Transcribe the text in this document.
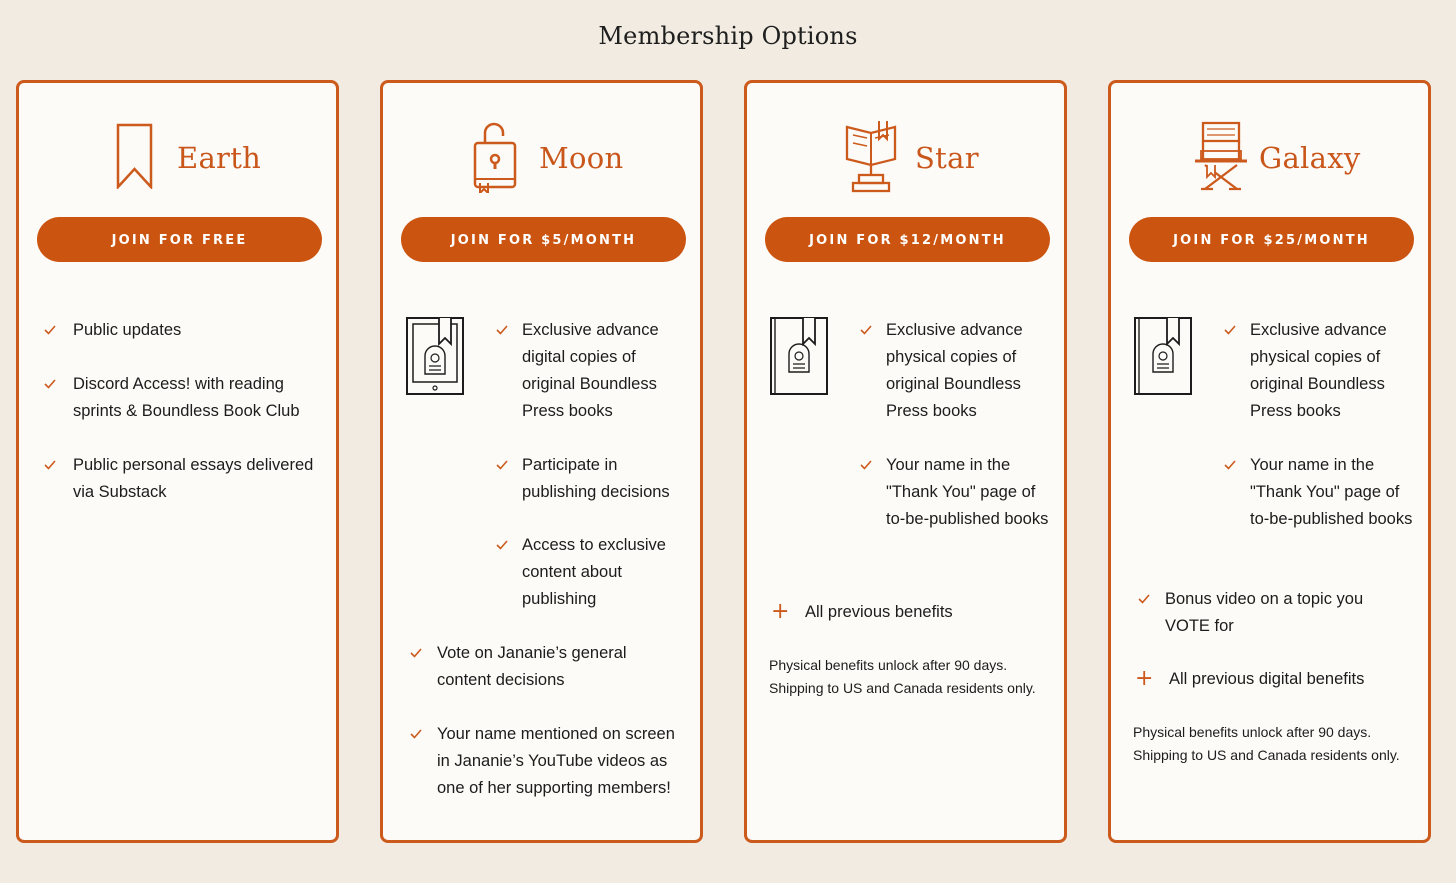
Membership Options
Earth
JOIN FOR FREE
Public updates
Discord Access! with reading sprints & Boundless Book Club
Public personal essays delivered via Substack
Moon
JOIN FOR $5/MONTH
Exclusive advance digital copies of original Boundless Press books
Participate in publishing decisions
Access to exclusive content about publishing
Vote on Jananie’s general content decisions
Your name mentioned on screen in Jananie’s YouTube videos as one of her supporting members!
Star
JOIN FOR $12/MONTH
Exclusive advance physical copies of original Boundless Press books
Your name in the "Thank You" page of to-be-published books
+ All previous benefits
Physical benefits unlock after 90 days. Shipping to US and Canada residents only.
Galaxy
JOIN FOR $25/MONTH
Exclusive advance physical copies of original Boundless Press books
Your name in the "Thank You" page of to-be-published books
Bonus video on a topic you VOTE for
+ All previous digital benefits
Physical benefits unlock after 90 days. Shipping to US and Canada residents only.
